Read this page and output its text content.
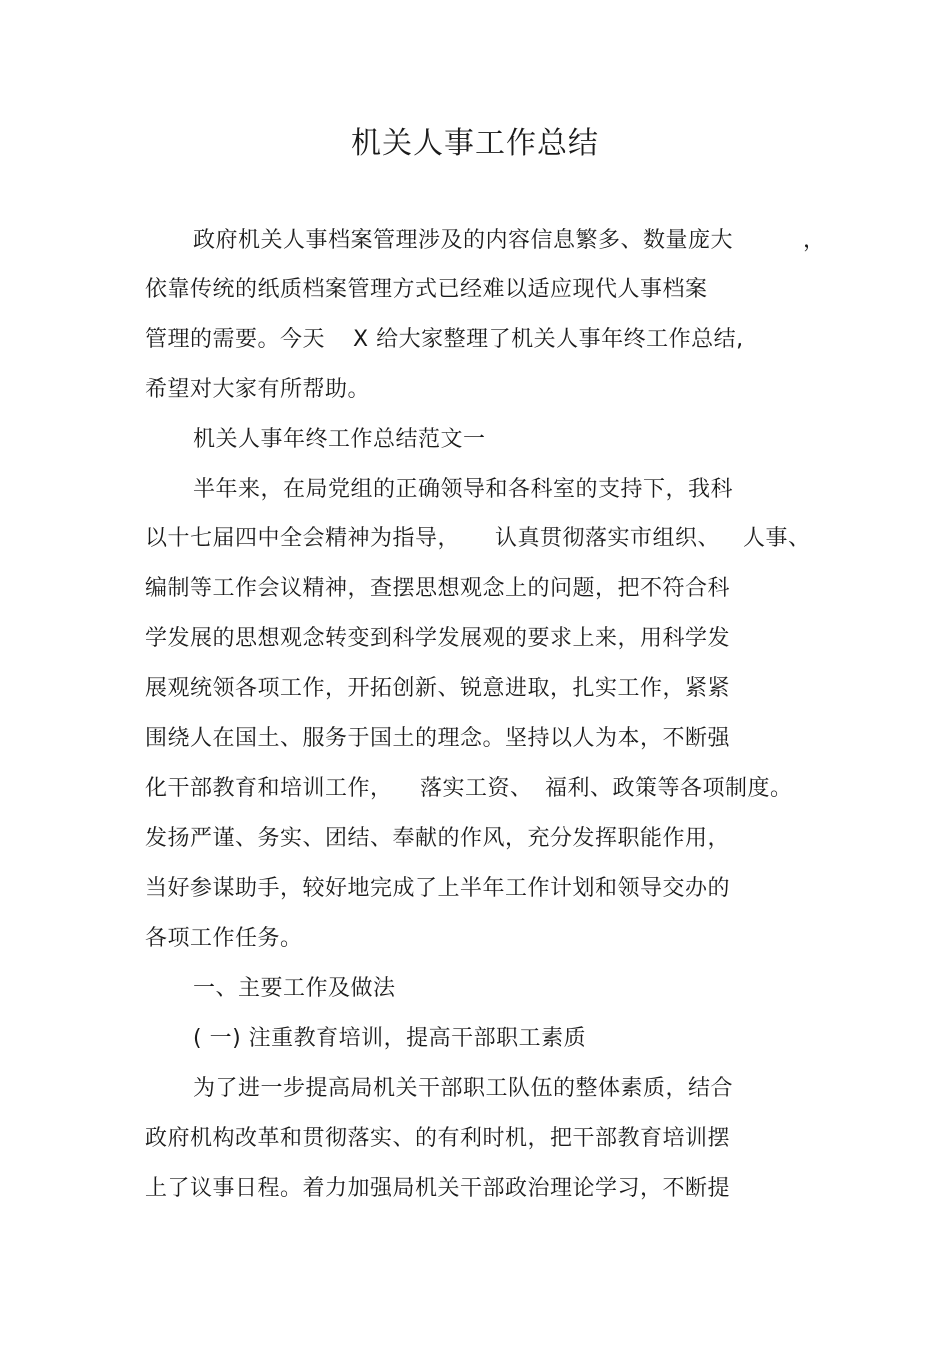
机关人事工作总结
政府机关人事档案管理涉及的内容信息繁多、数量庞大	，
依靠传统的纸质档案管理方式已经难以适应现代人事档案
管理的需要。今天 X 给大家整理了机关人事年终工作总结,
希望对大家有所帮助。
机关人事年终工作总结范文一
半年来，在局党组的正确领导和各科室的支持下，我科
以十七届四中全会精神为指导， 认真贯彻落实市组织、 人事、
编制等工作会议精神，查摆思想观念上的问题，把不符合科
学发展的思想观念转变到科学发展观的要求上来，用科学发
展观统领各项工作，开拓创新、锐意进取，扎实工作，紧紧
围绕人在国土、服务于国土的理念。坚持以人为本，不断强
化干部教育和培训工作， 落实工资、 福利、政策等各项制度。
发扬严谨、务实、团结、奉献的作风，充分发挥职能作用，
当好参谋助手，较好地完成了上半年工作计划和领导交办的
各项工作任务。
一、主要工作及做法
( 一) 注重教育培训，提高干部职工素质
为了进一步提高局机关干部职工队伍的整体素质，结合
政府机构改革和贯彻落实、的有利时机，把干部教育培训摆
上了议事日程。着力加强局机关干部政治理论学习，不断提
